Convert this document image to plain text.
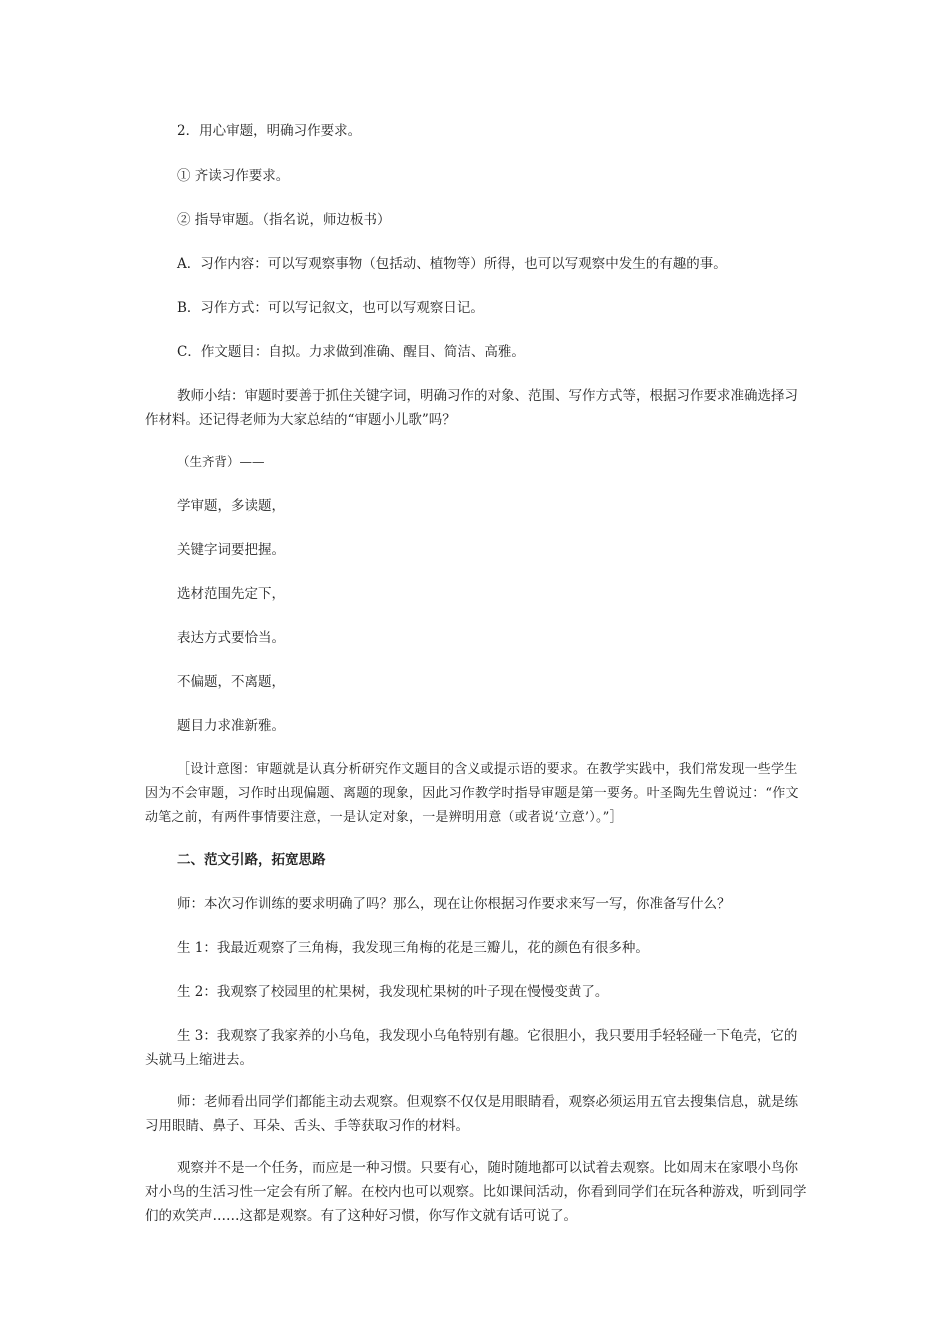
2．用心审题，明确习作要求。
① 齐读习作要求。
② 指导审题。（指名说，师边板书）
A．习作内容：可以写观察事物（包括动、植物等）所得，也可以写观察中发生的有趣的事。
B．习作方式：可以写记叙文，也可以写观察日记。
C．作文题目：自拟。力求做到准确、醒目、简洁、高雅。
教师小结：审题时要善于抓住关键字词，明确习作的对象、范围、写作方式等，根据习作要求准确选择习作材料。还记得老师为大家总结的“审题小儿歌”吗？
（生齐背）——
学审题，多读题，
关键字词要把握。
选材范围先定下，
表达方式要恰当。
不偏题，不离题，
题目力求准新雅。
［设计意图：审题就是认真分析研究作文题目的含义或提示语的要求。在教学实践中，我们常发现一些学生因为不会审题，习作时出现偏题、离题的现象，因此习作教学时指导审题是第一要务。叶圣陶先生曾说过：“作文动笔之前，有两件事情要注意，一是认定对象，一是辨明用意（或者说‘立意’）。”］
二、范文引路，拓宽思路
师：本次习作训练的要求明确了吗？那么，现在让你根据习作要求来写一写，你准备写什么？
生 1：我最近观察了三角梅，我发现三角梅的花是三瓣儿，花的颜色有很多种。
生 2：我观察了校园里的杧果树，我发现杧果树的叶子现在慢慢变黄了。
生 3：我观察了我家养的小乌龟，我发现小乌龟特别有趣。它很胆小，我只要用手轻轻碰一下龟壳，它的头就马上缩进去。
师：老师看出同学们都能主动去观察。但观察不仅仅是用眼睛看，观察必须运用五官去搜集信息，就是练习用眼睛、鼻子、耳朵、舌头、手等获取习作的材料。
观察并不是一个任务，而应是一种习惯。只要有心，随时随地都可以试着去观察。比如周末在家喂小鸟你对小鸟的生活习性一定会有所了解。在校内也可以观察。比如课间活动，你看到同学们在玩各种游戏，听到同学们的欢笑声……这都是观察。有了这种好习惯，你写作文就有话可说了。
